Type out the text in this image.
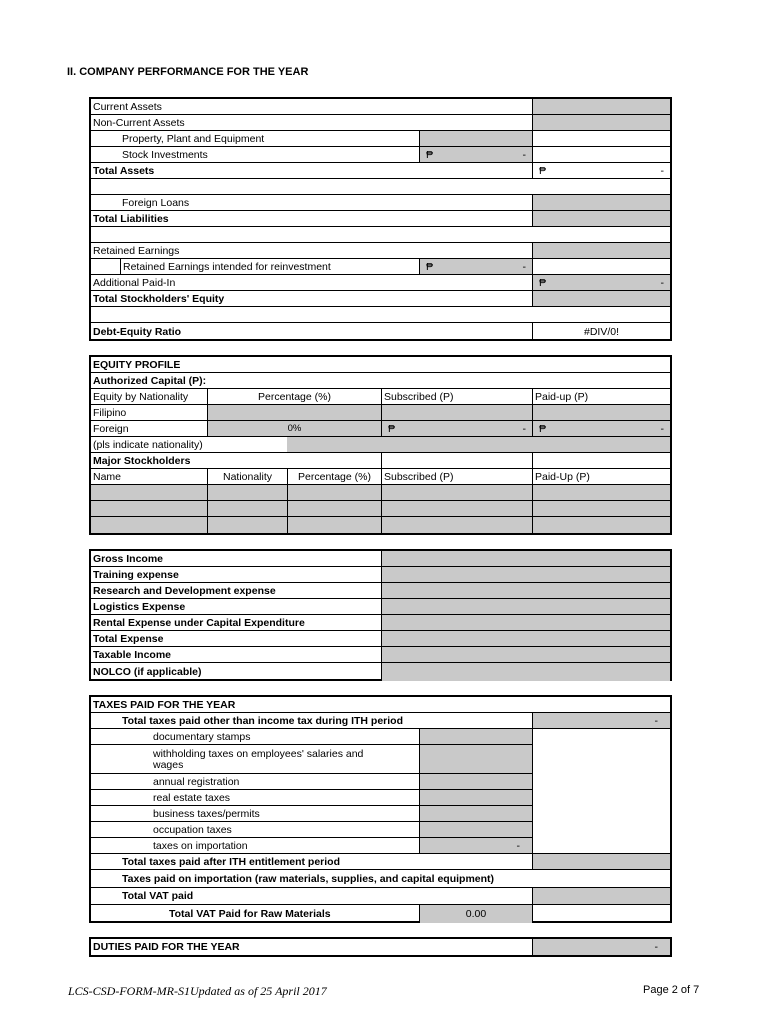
II. COMPANY PERFORMANCE FOR THE YEAR
Current Assets
Non-Current Assets
Property, Plant and Equipment
Stock Investments	₱	-
Total Assets	₱	-
Foreign Loans
Total Liabilities
Retained Earnings
Retained Earnings intended for reinvestment	₱	-
Additional Paid-In	₱	-
Total Stockholders' Equity
Debt-Equity Ratio	#DIV/0!
EQUITY PROFILE
Authorized Capital (P):
Equity by Nationality	Percentage (%)	Subscribed (P)	Paid-up (P)
Filipino
Foreign	0%	₱	- ₱	-
(pls indicate nationality)
Major Stockholders
Name	Nationality	Percentage (%)	Subscribed (P)	Paid-Up (P)
Gross Income
Training expense
Research and Development expense
Logistics Expense
Rental Expense under Capital Expenditure
Total Expense
Taxable Income
NOLCO (if applicable)
TAXES PAID FOR THE YEAR
Total taxes paid other than income tax during ITH period	-
documentary stamps
withholding taxes on employees' salaries and
wages
annual registration
real estate taxes
business taxes/permits
occupation taxes
taxes on importation	-
Total taxes paid after ITH entitlement period
Taxes paid on importation (raw materials, supplies, and capital equipment)
Total VAT paid
Total VAT Paid for Raw Materials	0.00
DUTIES PAID FOR THE YEAR	-
LCS-CSD-FORM-MR-S1Updated as of 25 April 2017	Page 2 of 7
